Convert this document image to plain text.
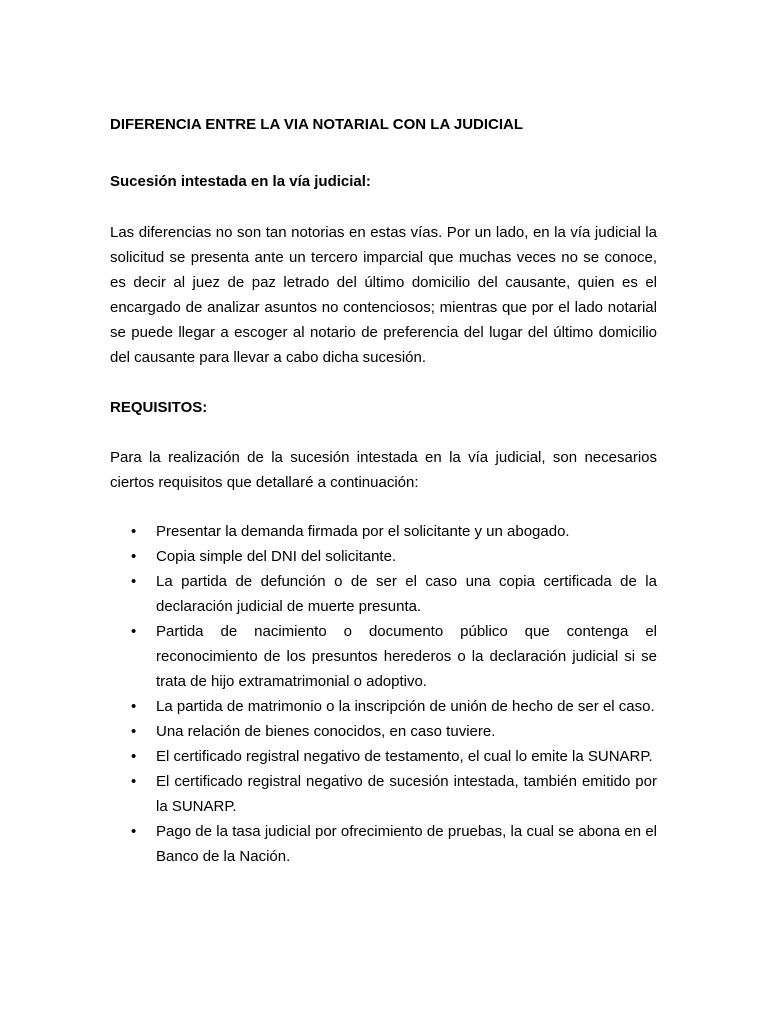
DIFERENCIA ENTRE LA VIA NOTARIAL CON LA JUDICIAL

Sucesión intestada en la vía judicial:

Las diferencias no son tan notorias en estas vías. Por un lado, en la vía judicial la solicitud se presenta ante un tercero imparcial que muchas veces no se conoce, es decir al juez de paz letrado del último domicilio del causante, quien es el encargado de analizar asuntos no contenciosos; mientras que por el lado notarial se puede llegar a escoger al notario de preferencia del lugar del último domicilio del causante para llevar a cabo dicha sucesión.

REQUISITOS:

Para la realización de la sucesión intestada en la vía judicial, son necesarios ciertos requisitos que detallaré a continuación:

•	Presentar la demanda firmada por el solicitante y un abogado.
•	Copia simple del DNI del solicitante.
•	La partida de defunción o de ser el caso una copia certificada de la declaración judicial de muerte presunta.
•	Partida de nacimiento o documento público que contenga el reconocimiento de los presuntos herederos o la declaración judicial si se trata de hijo extramatrimonial o adoptivo.
•	La partida de matrimonio o la inscripción de unión de hecho de ser el caso.
•	Una relación de bienes conocidos, en caso tuviere.
•	El certificado registral negativo de testamento, el cual lo emite la SUNARP.
•	El certificado registral negativo de sucesión intestada, también emitido por la SUNARP.
•	Pago de la tasa judicial por ofrecimiento de pruebas, la cual se abona en el Banco de la Nación.
